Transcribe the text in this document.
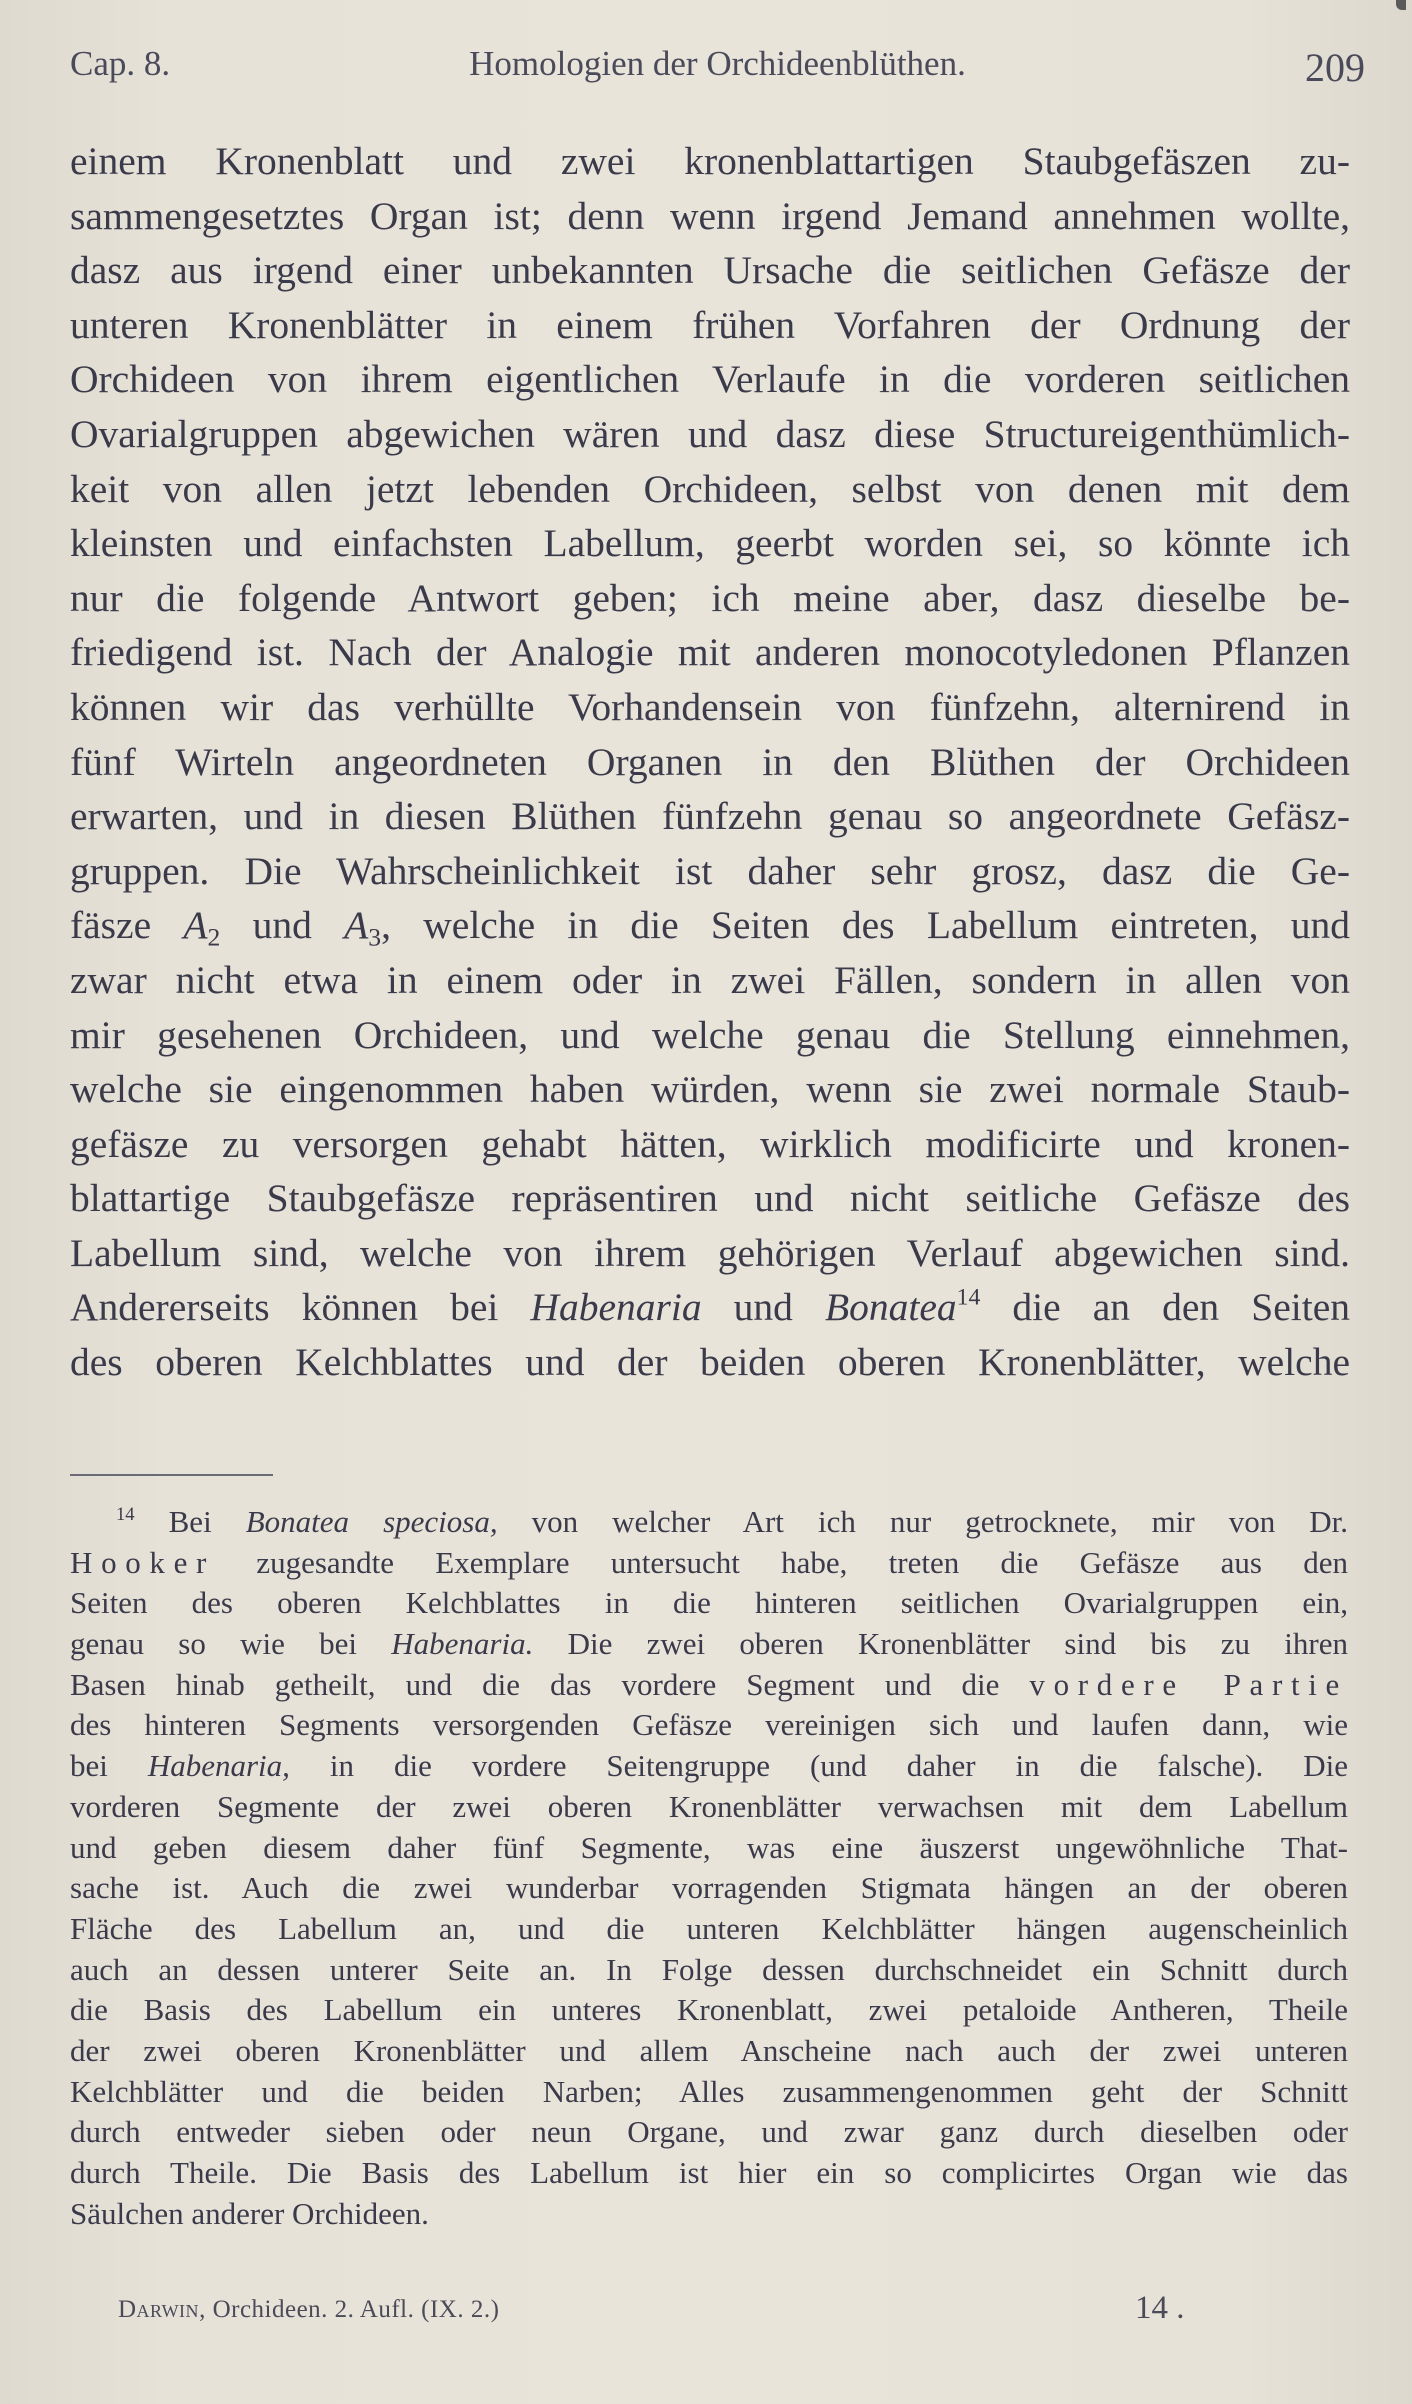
Cap. 8.	Homologien der Orchideenblüthen.	209
einem Kronenblatt und zwei kronenblattartigen Staubgefäszen zu-
sammengesetztes Organ ist; denn wenn irgend Jemand annehmen wollte,
dasz aus irgend einer unbekannten Ursache die seitlichen Gefäsze der
unteren Kronenblätter in einem frühen Vorfahren der Ordnung der
Orchideen von ihrem eigentlichen Verlaufe in die vorderen seitlichen
Ovarialgruppen abgewichen wären und dasz diese Structureigenthümlich-
keit von allen jetzt lebenden Orchideen, selbst von denen mit dem
kleinsten und einfachsten Labellum, geerbt worden sei, so könnte ich
nur die folgende Antwort geben; ich meine aber, dasz dieselbe be-
friedigend ist. Nach der Analogie mit anderen monocotyledonen Pflanzen
können wir das verhüllte Vorhandensein von fünfzehn, alternirend in
fünf Wirteln angeordneten Organen in den Blüthen der Orchideen
erwarten, und in diesen Blüthen fünfzehn genau so angeordnete Gefäsz-
gruppen. Die Wahrscheinlichkeit ist daher sehr grosz, dasz die Ge-
fäsze $A_2$ und $A_3$, welche in die Seiten des Labellum eintreten, und
zwar nicht etwa in einem oder in zwei Fällen, sondern in allen von
mir gesehenen Orchideen, und welche genau die Stellung einnehmen,
welche sie eingenommen haben würden, wenn sie zwei normale Staub-
gefäsze zu versorgen gehabt hätten, wirklich modificirte und kronen-
blattartige Staubgefäsze repräsentiren und nicht seitliche Gefäsze des
Labellum sind, welche von ihrem gehörigen Verlauf abgewichen sind.
Andererseits können bei Habenaria und Bonatea$^{14}$ die an den Seiten
des oberen Kelchblattes und der beiden oberen Kronenblätter, welche
$^{14}$ Bei Bonatea speciosa, von welcher Art ich nur getrocknete, mir von Dr.
Hooker zugesandte Exemplare untersucht habe, treten die Gefäsze aus den
Seiten des oberen Kelchblattes in die hinteren seitlichen Ovarialgruppen ein,
genau so wie bei Habenaria. Die zwei oberen Kronenblätter sind bis zu ihren
Basen hinab getheilt, und die das vordere Segment und die vordere Partie
des hinteren Segments versorgenden Gefäsze vereinigen sich und laufen dann, wie
bei Habenaria, in die vordere Seitengruppe (und daher in die falsche). Die
vorderen Segmente der zwei oberen Kronenblätter verwachsen mit dem Labellum
und geben diesem daher fünf Segmente, was eine äuszerst ungewöhnliche That-
sache ist. Auch die zwei wunderbar vorragenden Stigmata hängen an der oberen
Fläche des Labellum an, und die unteren Kelchblätter hängen augenscheinlich
auch an dessen unterer Seite an. In Folge dessen durchschneidet ein Schnitt durch
die Basis des Labellum ein unteres Kronenblatt, zwei petaloide Antheren, Theile
der zwei oberen Kronenblätter und allem Anscheine nach auch der zwei unteren
Kelchblätter und die beiden Narben; Alles zusammengenommen geht der Schnitt
durch entweder sieben oder neun Organe, und zwar ganz durch dieselben oder
durch Theile. Die Basis des Labellum ist hier ein so complicirtes Organ wie das
Säulchen anderer Orchideen.
Darwin, Orchideen. 2. Aufl. (IX. 2.)	14 .
